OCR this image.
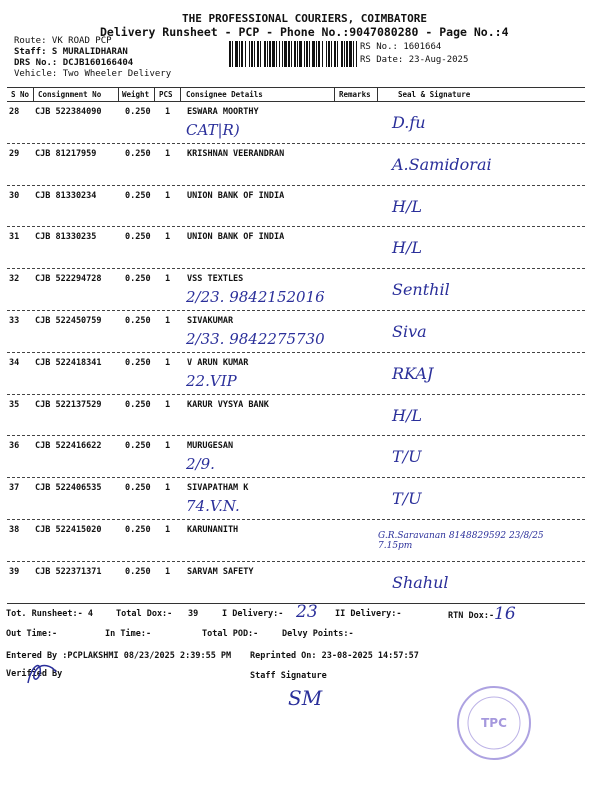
THE PROFESSIONAL COURIERS, COIMBATORE
Delivery Runsheet - PCP - Phone No.:9047080280 - Page No.:4
Route: VK ROAD PCP
Staff: S MURALIDHARAN
DRS No.: DCJB160166404
Vehicle: Two Wheeler Delivery
RS No.: 1601664
RS Date: 23-Aug-2025
S No Consignment No	Weight PCS Consignee Details	Remarks	Seal & Signature
28 CJB 522384090	0.250 1 ESWARA MOORTHY
CAT|R)	D.fu
29 CJB 81217959	0.250 1 KRISHNAN VEERANDRAN
A.Samidorai
30 CJB 81330234	0.250 1 UNION BANK OF INDIA
H/L
31 CJB 81330235	0.250 1 UNION BANK OF INDIA
H/L
32 CJB 522294728	0.250 1 VSS TEXTLES
2/23. 9842152016	Senthil
33 CJB 522450759	0.250 1 SIVAKUMAR
2/33. 9842275730	Siva
34 CJB 522418341	0.250 1 V ARUN KUMAR
22.VIP	RKAJ
35 CJB 522137529	0.250 1 KARUR VYSYA BANK
H/L
36 CJB 522416622	0.250 1 MURUGESAN
2/9.	T/U
37 CJB 522406535	0.250 1 SIVAPATHAM K
74.V.N.	T/U
38 CJB 522415020	0.250 1 KARUNANITH
G.R.Saravanan 8148829592 23/8/25 7.15pm
39 CJB 522371371	0.250 1 SARVAM SAFETY
Shahul
Tot. Runsheet:- 4	Total Dox:- 39	I Delivery:- 23 II Delivery:-	RTN Dox:- 16
Out Time:-	In Time:-	Total POD:-	Delvy Points:-
Entered By :PCPLAKSHMI 08/23/2025 2:39:55 PM Reprinted On: 23-08-2025 14:57:57
Verified By	Staff Signature
SM
TPC
